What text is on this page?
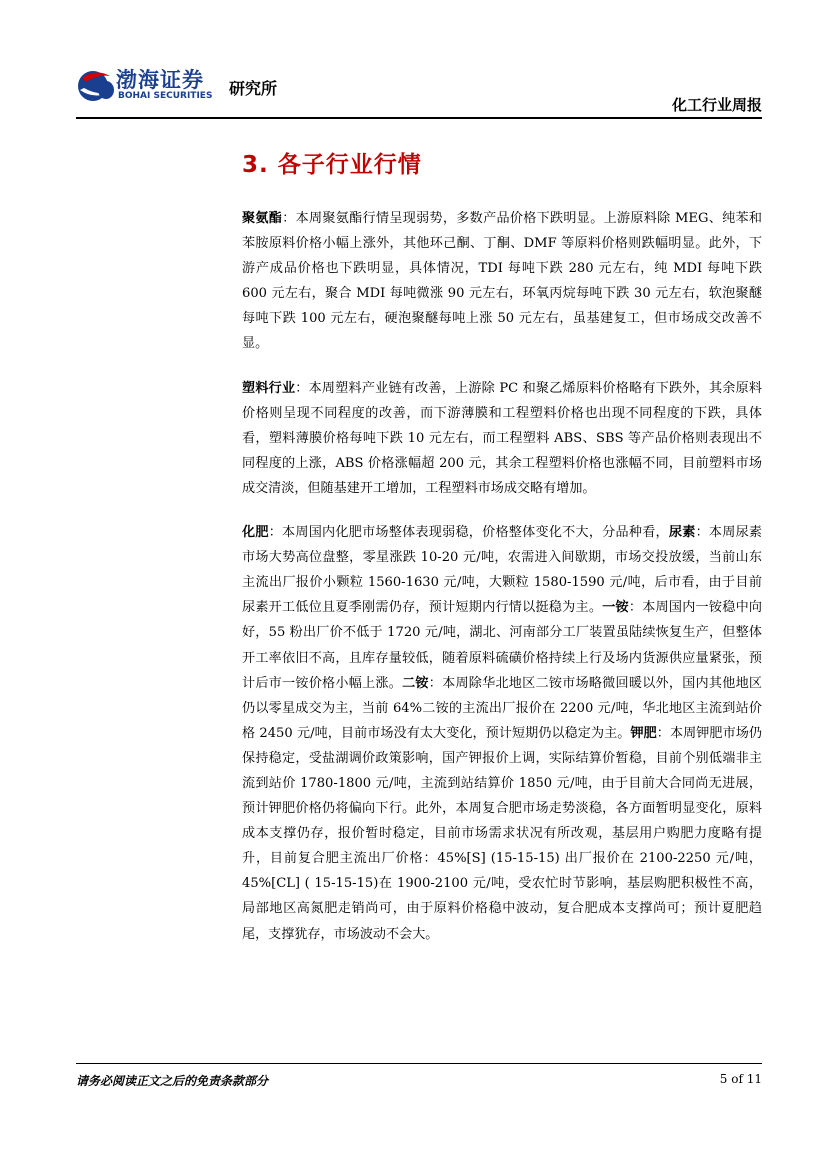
渤海证券
BOHAI SECURITIES 研究所
化工行业周报
3. 各子行业行情

聚氨酯：本周聚氨酯行情呈现弱势，多数产品价格下跌明显。上游原料除 MEG、纯苯和苯胺原料价格小幅上涨外，其他环己酮、丁酮、DMF 等原料价格则跌幅明显。此外，下游产成品价格也下跌明显，具体情况，TDI 每吨下跌 280 元左右，纯 MDI 每吨下跌 600 元左右，聚合 MDI 每吨微涨 90 元左右，环氧丙烷每吨下跌 30 元左右，软泡聚醚每吨下跌 100 元左右，硬泡聚醚每吨上涨 50 元左右，虽基建复工，但市场成交改善不显。

塑料行业：本周塑料产业链有改善，上游除 PC 和聚乙烯原料价格略有下跌外，其余原料价格则呈现不同程度的改善，而下游薄膜和工程塑料价格也出现不同程度的下跌，具体看，塑料薄膜价格每吨下跌 10 元左右，而工程塑料 ABS、SBS 等产品价格则表现出不同程度的上涨，ABS 价格涨幅超 200 元，其余工程塑料价格也涨幅不同，目前塑料市场成交清淡，但随基建开工增加，工程塑料市场成交略有增加。

化肥：本周国内化肥市场整体表现弱稳，价格整体变化不大，分品种看，尿素：本周尿素市场大势高位盘整，零星涨跌 10-20 元/吨，农需进入间歇期，市场交投放缓，当前山东主流出厂报价小颗粒 1560-1630 元/吨，大颗粒 1580-1590 元/吨，后市看，由于目前尿素开工低位且夏季刚需仍存，预计短期内行情以挺稳为主。一铵：本周国内一铵稳中向好，55 粉出厂价不低于 1720 元/吨，湖北、河南部分工厂装置虽陆续恢复生产，但整体开工率依旧不高，且库存量较低，随着原料硫磺价格持续上行及场内货源供应量紧张，预计后市一铵价格小幅上涨。二铵：本周除华北地区二铵市场略微回暖以外，国内其他地区仍以零星成交为主，当前 64%二铵的主流出厂报价在 2200 元/吨，华北地区主流到站价格 2450 元/吨，目前市场没有太大变化，预计短期仍以稳定为主。钾肥：本周钾肥市场仍保持稳定，受盐湖调价政策影响，国产钾报价上调，实际结算价暂稳，目前个别低端非主流到站价 1780-1800 元/吨，主流到站结算价 1850 元/吨，由于目前大合同尚无进展，预计钾肥价格仍将偏向下行。此外，本周复合肥市场走势淡稳，各方面暂明显变化，原料成本支撑仍存，报价暂时稳定，目前市场需求状况有所改观，基层用户购肥力度略有提升，目前复合肥主流出厂价格：45%[S] (15-15-15) 出厂报价在 2100-2250 元/吨，45%[CL] ( 15-15-15)在 1900-2100 元/吨，受农忙时节影响，基层购肥积极性不高，局部地区高氮肥走销尚可，由于原料价格稳中波动，复合肥成本支撑尚可；预计夏肥趋尾，支撑犹存，市场波动不会大。

请务必阅读正文之后的免责条款部分	5 of 11
